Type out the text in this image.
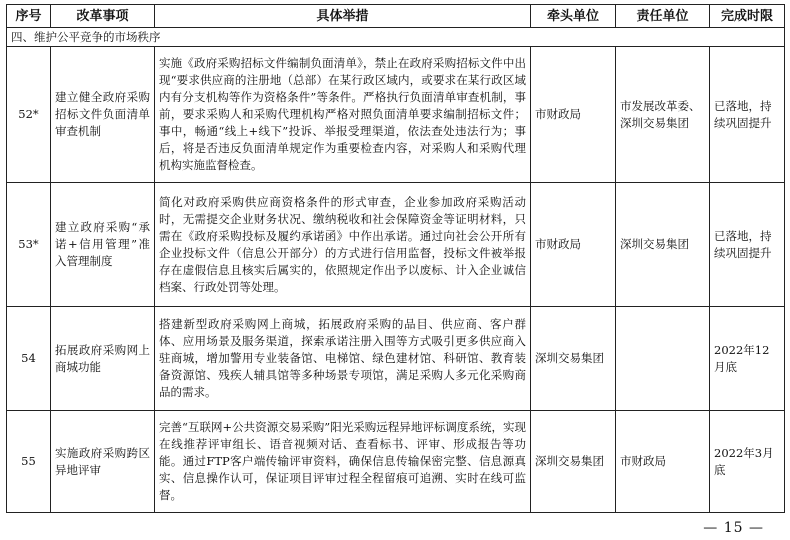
序号	改革事项	具体举措	牵头单位	责任单位	完成时限
四、维护公平竞争的市场秩序					
52*	建立健全政府采购招标文件负面清单审查机制	实施《政府采购招标文件编制负面清单》，禁止在政府采购招标文件中出现“要求供应商的注册地（总部）在某行政区域内，或要求在某行政区域内有分支机构等作为资格条件”等条件。严格执行负面清单审查机制，事前，要求采购人和采购代理机构严格对照负面清单要求编制招标文件；事中，畅通“线上+线下”投诉、举报受理渠道，依法查处违法行为；事后，将是否违反负面清单规定作为重要检查内容，对采购人和采购代理机构实施监督检查。	市财政局	市发展改革委、深圳交易集团	已落地，持续巩固提升
53*	建立政府采购“承诺+信用管理”准入管理制度	简化对政府采购供应商资格条件的形式审查，企业参加政府采购活动时，无需提交企业财务状况、缴纳税收和社会保障资金等证明材料，只需在《政府采购投标及履约承诺函》中作出承诺。通过向社会公开所有企业投标文件（信息公开部分）的方式进行信用监督，投标文件被举报存在虚假信息且核实后属实的，依照规定作出予以废标、计入企业诚信档案、行政处罚等处理。	市财政局	深圳交易集团	已落地，持续巩固提升
54	拓展政府采购网上商城功能	搭建新型政府采购网上商城，拓展政府采购的品目、供应商、客户群体、应用场景及服务渠道，探索承诺注册入围等方式吸引更多供应商入驻商城，增加警用专业装备馆、电梯馆、绿色建材馆、科研馆、教育装备资源馆、残疾人辅具馆等多种场景专项馆，满足采购人多元化采购商品的需求。	深圳交易集团		2022年12月底
55	实施政府采购跨区异地评审	完善“互联网+公共资源交易采购”阳光采购远程异地评标调度系统，实现在线推荐评审组长、语音视频对话、查看标书、评审、形成报告等功能。通过FTP客户端传输评审资料，确保信息传输保密完整、信息源真实、信息操作认可，保证项目评审过程全程留痕可追溯、实时在线可监督。	深圳交易集团	市财政局	2022年3月底
— 15 —
